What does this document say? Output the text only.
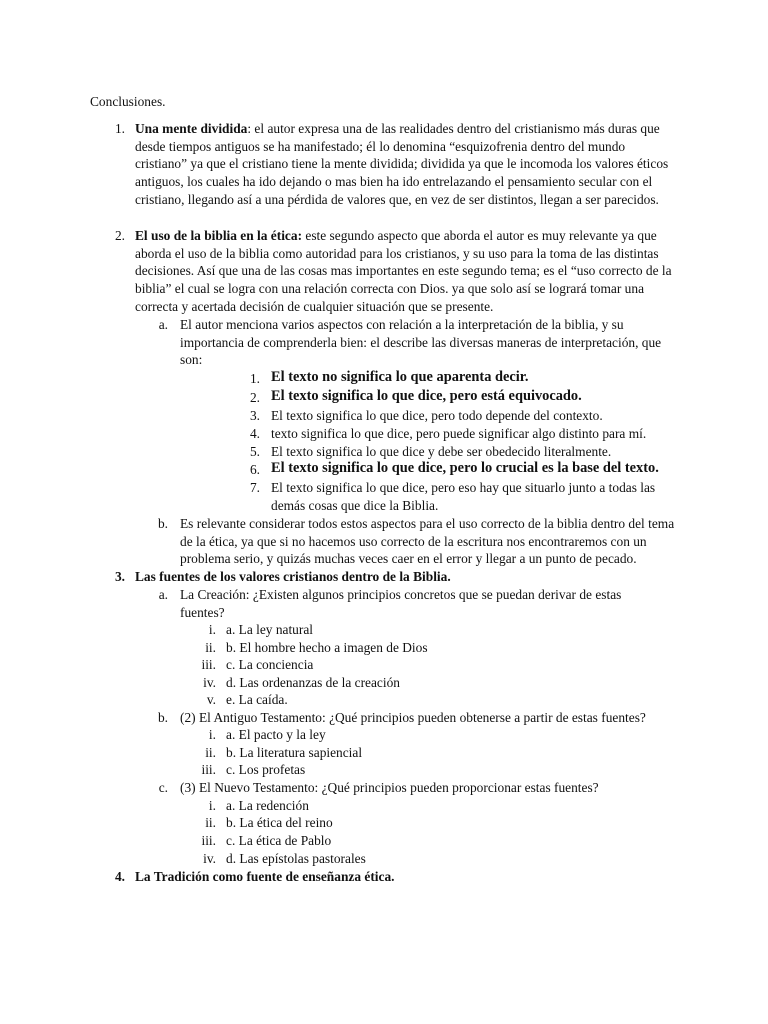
Conclusiones.
1. Una mente dividida: el autor expresa una de las realidades dentro del cristianismo más duras que desde tiempos antiguos se ha manifestado; él lo denomina “esquizofrenia dentro del mundo cristiano” ya que el cristiano tiene la mente dividida; dividida ya que le incomoda los valores éticos antiguos, los cuales ha ido dejando o mas bien ha ido entrelazando el pensamiento secular con el cristiano, llegando así a una pérdida de valores que, en vez de ser distintos, llegan a ser parecidos.
2. El uso de la biblia en la ética: este segundo aspecto que aborda el autor es muy relevante ya que aborda el uso de la biblia como autoridad para los cristianos, y su uso para la toma de las distintas decisiones. Así que una de las cosas mas importantes en este segundo tema; es el “uso correcto de la biblia” el cual se logra con una relación correcta con Dios. ya que solo así se logrará tomar una correcta y acertada decisión de cualquier situación que se presente.
a. El autor menciona varios aspectos con relación a la interpretación de la biblia, y su importancia de comprenderla bien: el describe las diversas maneras de interpretación, que son:
1. El texto no significa lo que aparenta decir.
2. El texto significa lo que dice, pero está equivocado.
3. El texto significa lo que dice, pero todo depende del contexto.
4. texto significa lo que dice, pero puede significar algo distinto para mí.
5. El texto significa lo que dice y debe ser obedecido literalmente.
6. El texto significa lo que dice, pero lo crucial es la base del texto.
7. El texto significa lo que dice, pero eso hay que situarlo junto a todas las demás cosas que dice la Biblia.
b. Es relevante considerar todos estos aspectos para el uso correcto de la biblia dentro del tema de la ética, ya que si no hacemos uso correcto de la escritura nos encontraremos con un problema serio, y quizás muchas veces caer en el error y llegar a un punto de pecado.
3. Las fuentes de los valores cristianos dentro de la Biblia.
a. La Creación: ¿Existen algunos principios concretos que se puedan derivar de estas fuentes?
i. a. La ley natural
ii. b. El hombre hecho a imagen de Dios
iii. c. La conciencia
iv. d. Las ordenanzas de la creación
v. e. La caída.
b. (2) El Antiguo Testamento: ¿Qué principios pueden obtenerse a partir de estas fuentes?
i. a. El pacto y la ley
ii. b. La literatura sapiencial
iii. c. Los profetas
c. (3) El Nuevo Testamento: ¿Qué principios pueden proporcionar estas fuentes?
i. a. La redención
ii. b. La ética del reino
iii. c. La ética de Pablo
iv. d. Las epístolas pastorales
4. La Tradición como fuente de enseñanza ética.
